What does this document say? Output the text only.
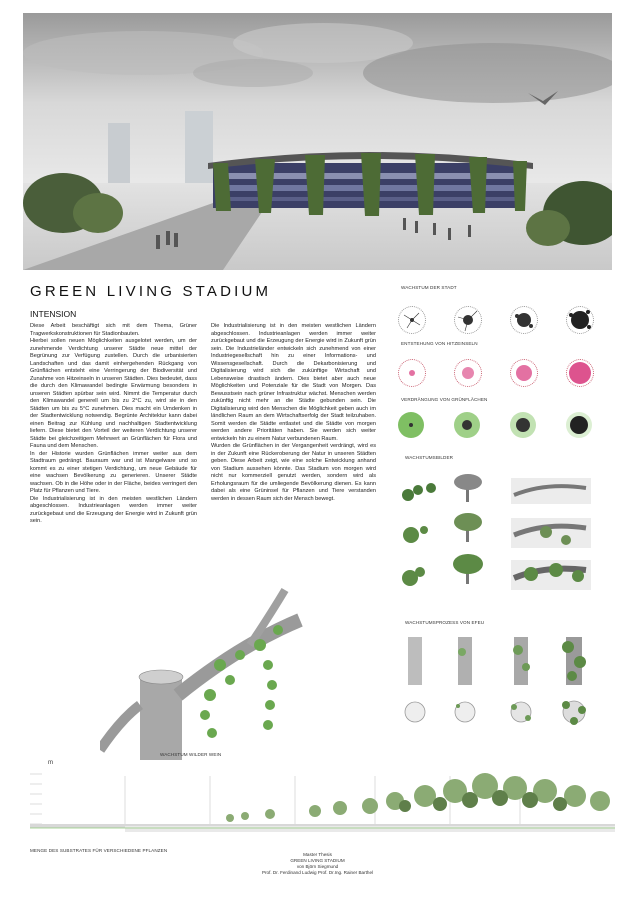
GREEN LIVING STADIUM
INTENSION

Diese Arbeit beschäftigt sich mit dem Thema, Grüner Tragwerkskonstruktionen für Stadionbauten.

Hierbei sollen neuen Möglichkeiten ausgelotet werden, um der zunehmende Verdichtung unserer Städte neue mittel der Begrünung zur Verfügung zustellen. Durch die urbanisierten Landschaften und das damit einhergehenden Rückgang von Grünflächen entsteht eine Verringerung der Biodiversität und Zunahme von Hitzeinseln in unseren Städten. Dies bedeutet, dass die durch den Klimawandel bedingte Erwärmung besonders in unseren Städten spürbar sein wird. Nimmt die Temperatur durch den Klimawandel generell um bis zu 2°C zu, wird sie in den Städten um bis zu 5°C zunehmen. Dies macht ein Umdenken in der Stadtentwicklung notwendig. Begrünte Architektur kann dabei einen Beitrag zur Kühlung und nachhaltigen Stadtentwicklung liefern. Diese bietet den Vorteil der weiteren Verdichtung unserer Städte bei gleichzeitigem Mehrwert an Grünflächen für Flora und Fauna und dem Menschen.

In der Historie wurden Grünflächen immer weiter aus dem Stadtraum gedrängt. Bauraum war und ist Mangelware und so kommt es zu einer stetigen Verdichtung, um neue Gebäude für eine wachsen Bevölkerung zu generieren. Unserer Städte wachsen. Ob in die Höhe oder in der Fläche, beides verringert den Platz für Pflanzen und Tiere.

Die Industrialisierung ist in den meisten westlichen Ländern abgeschlossen. Industrieanlagen werden immer weiter zurückgebaut und die Erzeugung der Energie wird in Zukunft grün sein.

Die Industrialisierung ist in den meisten westlichen Ländern abgeschlossen. Industrieanlagen werden immer weiter zurückgebaut und die Erzeugung der Energie wird in Zukunft grün sein. Die Industrieländer entwickeln sich zunehmend von einer Industriegesellschaft hin zu einer Informations- und Wissensgesellschaft. Durch die Dekarbonisierung und Digitalisierung wird sich die zukünftige Wirtschaft und Lebensweise drastisch ändern. Dies bietet aber auch neue Möglichkeiten und Potenziale für die Stadt von Morgen. Das Bewusstsein nach grüner Infrastruktur wächst. Menschen werden zukünftig nicht mehr an die Städte gebunden sein. Die Digitalisierung wird den Menschen die Möglichkeit geben auch im ländlichen Raum an dem Wirtschaftserfolg der Stadt teilzuhaben. Somit werden die Städte entlastet und die Städte von morgen werden andere Prioritäten haben. Sie werden sich weiter entwickeln hin zu einem Natur verbundenen Raum.

Wurden die Grünflächen in der Vergangenheit verdrängt, wird es in der Zukunft eine Rückeroberung der Natur in unseren Städten geben. Diese Arbeit zeigt, wie eine solche Entwicklung anhand von Stadium aussehen könnte. Das Stadium von morgen wird nicht nur kommerziell genutzt werden, sondern wird als Erholungsraum für die umliegende Bevölkerung dienen. Es kann dabei als eine Grüninsel für Pflanzen und Tiere verstanden werden in dessen Raum sich der Mensch bewegt.

WACHSTUM DER STADT
ENTSTEHUNG VON HITZEINSELN
VERDRÄNGUNG VON GRÜNFLÄCHEN
WACHSTUMSBILDER
WACHSTUMSPROZESS VON EFEU
WACHSTUM WILDER WEIN
m
MENGE DES SUBSTRATES FÜR VERSCHIEDENE PFLANZEN
Master Thesis
GREEN LIVING STADIUM
von Björn Siegmund
Prof. Dr. Ferdinand Ludwig Prof. Dr.Ing. Rainer Barthel
